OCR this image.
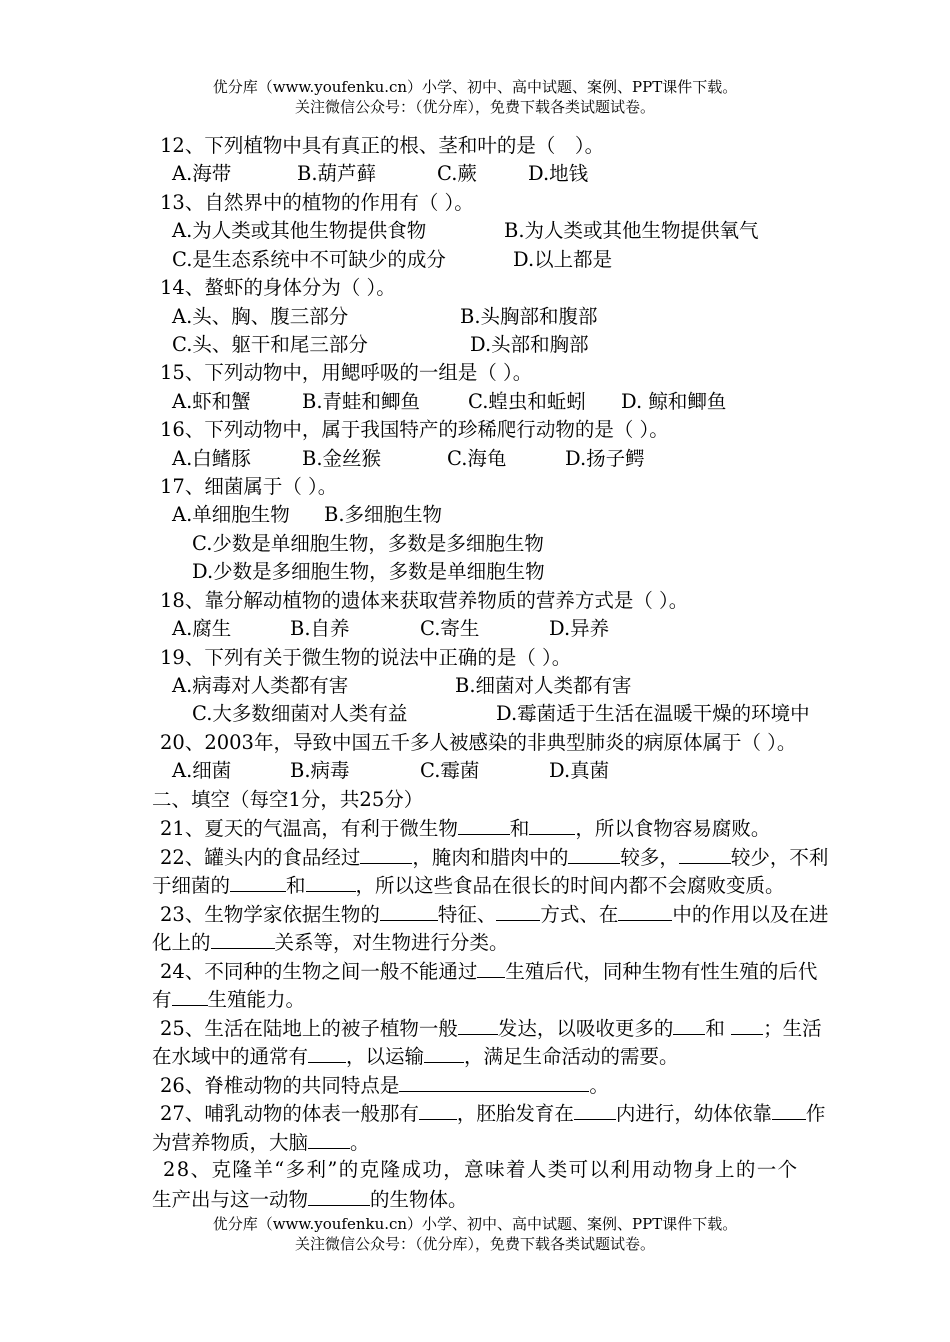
优分库（www.youfenku.cn）小学、初中、高中试题、案例、PPT课件下载。
关注微信公众号：（优分库），免费下载各类试题试卷。
12、下列植物中具有真正的根、茎和叶的是（　）。
A.海带	B.葫芦藓	C.蕨	D.地钱
13、自然界中的植物的作用有（ ）。
A.为人类或其他生物提供食物	B.为人类或其他生物提供氧气
C.是生态系统中不可缺少的成分	D.以上都是
14、螯虾的身体分为（ ）。
A.头、胸、腹三部分	B.头胸部和腹部
C.头、躯干和尾三部分	D.头部和胸部
15、下列动物中，用鳃呼吸的一组是（ ）。
A.虾和蟹	B.青蛙和鲫鱼 C.蝗虫和蚯蚓 D. 鲸和鲫鱼
16、下列动物中，属于我国特产的珍稀爬行动物的是（ ）。
A.白鳍豚	B.金丝猴	C.海龟	D.扬子鳄
17、细菌属于（ ）。
A.单细胞生物 B.多细胞生物
C.少数是单细胞生物，多数是多细胞生物
D.少数是多细胞生物，多数是单细胞生物
18、靠分解动植物的遗体来获取营养物质的营养方式是（ ）。
A.腐生	B.自养	C.寄生	D.异养
19、下列有关于微生物的说法中正确的是（ ）。
A.病毒对人类都有害	B.细菌对人类都有害
C.大多数细菌对人类有益	D.霉菌适于生活在温暖干燥的环境中
20、2003年，导致中国五千多人被感染的非典型肺炎的病原体属于（ ）。
A.细菌	B.病毒	C.霉菌	D.真菌
二、填空（每空1分，共25分）
21、夏天的气温高，有利于微生物	和 ，所以食物容易腐败。
22、罐头内的食品经过	，腌肉和腊肉中的	较多，	较少，不利
于细菌的	和	，所以这些食品在很长的时间内都不会腐败变质。
23、生物学家依据生物的	特征、 方式、在	中的作用以及在进
化上的	关系等，对生物进行分类。
24、不同种的生物之间一般不能通过 生殖后代，同种生物有性生殖的后代
有 生殖能力。
25、生活在陆地上的被子植物一般 发达，以吸收更多的 和 ；生活
在水域中的通常有 ，以运输 ，满足生命活动的需要。
26、脊椎动物的共同特点是	。
27、哺乳动物的体表一般那有 ，胚胎发育在 内进行，幼体依靠 作
为营养物质，大脑 。
28、克隆羊“多利”的克隆成功，意味着人类可以利用动物身上的一个
生产出与这一动物	的生物体。
优分库（www.youfenku.cn）小学、初中、高中试题、案例、PPT课件下载。
关注微信公众号：（优分库），免费下载各类试题试卷。
